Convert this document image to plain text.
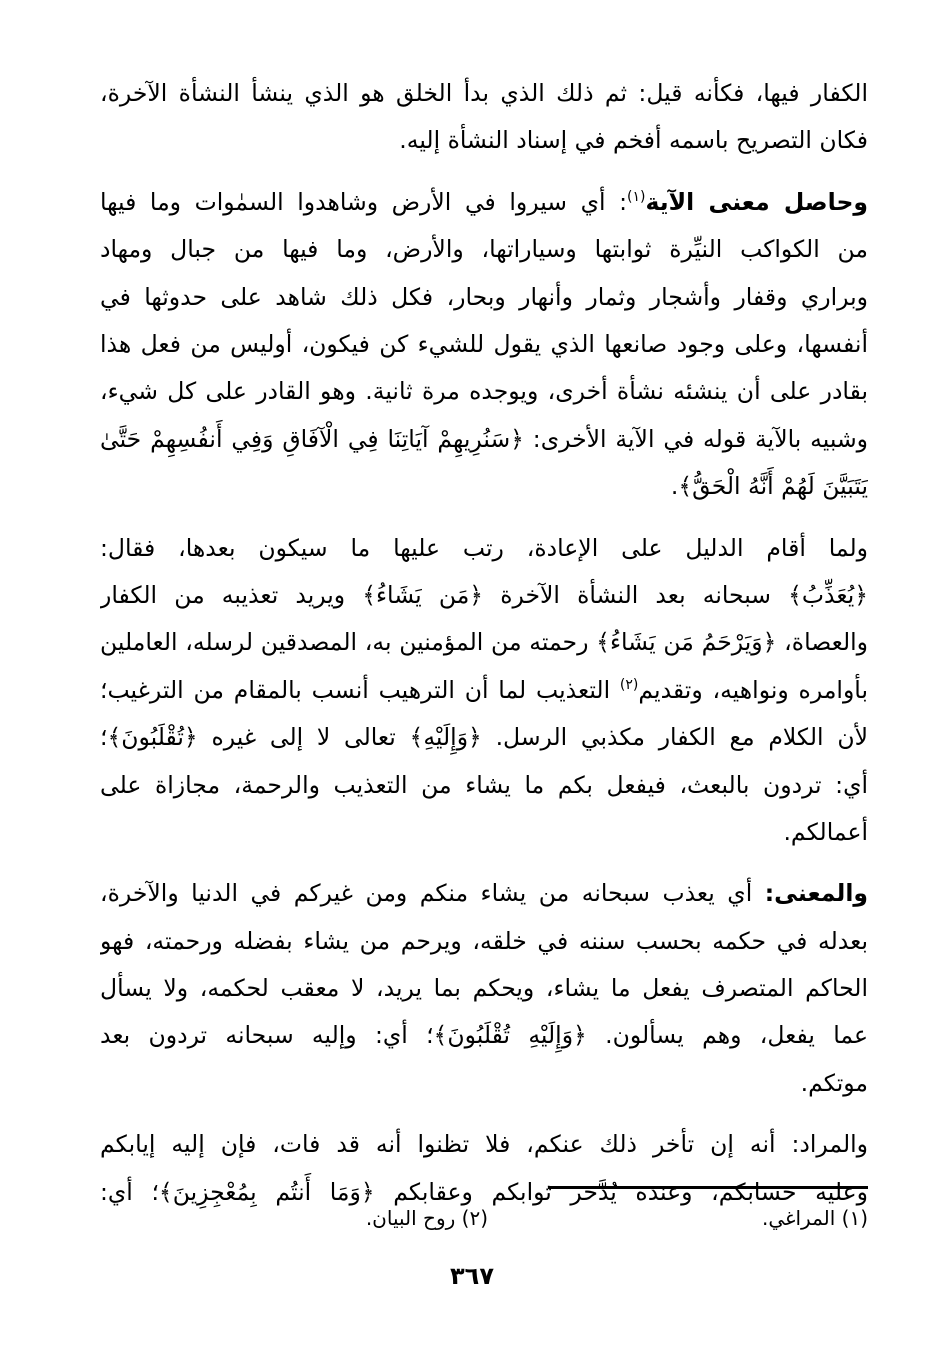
الكفار فيها، فكأنه قيل: ثم ذلك الذي بدأ الخلق هو الذي ينشأ النشأة الآخرة،
فكان التصريح باسمه أفخم في إسناد النشأة إليه.
وحاصل معنى الآية$^{(١)}$: أي سيروا في الأرض وشاهدوا السمٰوات وما فيها
من الكواكب النيِّرة ثوابتها وسياراتها، والأرض، وما فيها من جبال ومهاد
وبراري وقفار وأشجار وثمار وأنهار وبحار، فكل ذلك شاهد على حدوثها في
أنفسها، وعلى وجود صانعها الذي يقول للشيء كن فيكون، أوليس من فعل هذا
بقادر على أن ينشئه نشأة أخرى، ويوجده مرة ثانية. وهو القادر على كل شيء،
وشبيه بالآية قوله في الآية الأخرى: ﴿سَنُرِيهِمْ آيَاتِنَا فِي الْآفَاقِ وَفِي أَنفُسِهِمْ حَتَّىٰ
يَتَبَيَّنَ لَهُمْ أَنَّهُ الْحَقُّ﴾.
ولما أقام الدليل على الإعادة، رتب عليها ما سيكون بعدها، فقال:
﴿يُعَذِّبُ﴾ سبحانه بعد النشأة الآخرة ﴿مَن يَشَاءُ﴾ ويريد تعذيبه من الكفار
والعصاة، ﴿وَيَرْحَمُ مَن يَشَاءُ﴾ رحمته من المؤمنين به، المصدقين لرسله، العاملين
بأوامره ونواهيه، وتقديم$^{(٢)}$ التعذيب لما أن الترهيب أنسب بالمقام من الترغيب؛
لأن الكلام مع الكفار مكذبي الرسل. ﴿وَإِلَيْهِ﴾ تعالى لا إلى غيره ﴿تُقْلَبُونَ﴾؛
أي: تردون بالبعث، فيفعل بكم ما يشاء من التعذيب والرحمة، مجازاة على
أعمالكم.
والمعنى: أي يعذب سبحانه من يشاء منكم ومن غيركم في الدنيا والآخرة،
بعدله في حكمه بحسب سننه في خلقه، ويرحم من يشاء بفضله ورحمته، فهو
الحاكم المتصرف يفعل ما يشاء، ويحكم بما يريد، لا معقب لحكمه، ولا يسأل
عما يفعل، وهم يسألون. ﴿وَإِلَيْهِ تُقْلَبُونَ﴾؛ أي: وإليه سبحانه تردون بعد
موتكم.
والمراد: أنه إن تأخر ذلك عنكم، فلا تظنوا أنه قد فات، فإن إليه إيابكم
وعليه حسابكم، وعنده يُدَّخر ثوابكم وعقابكم ﴿وَمَا أَنتُم بِمُعْجِزِينَ﴾؛ أي:
(١) المراغي.
(٢) روح البيان.
٣٦٧
